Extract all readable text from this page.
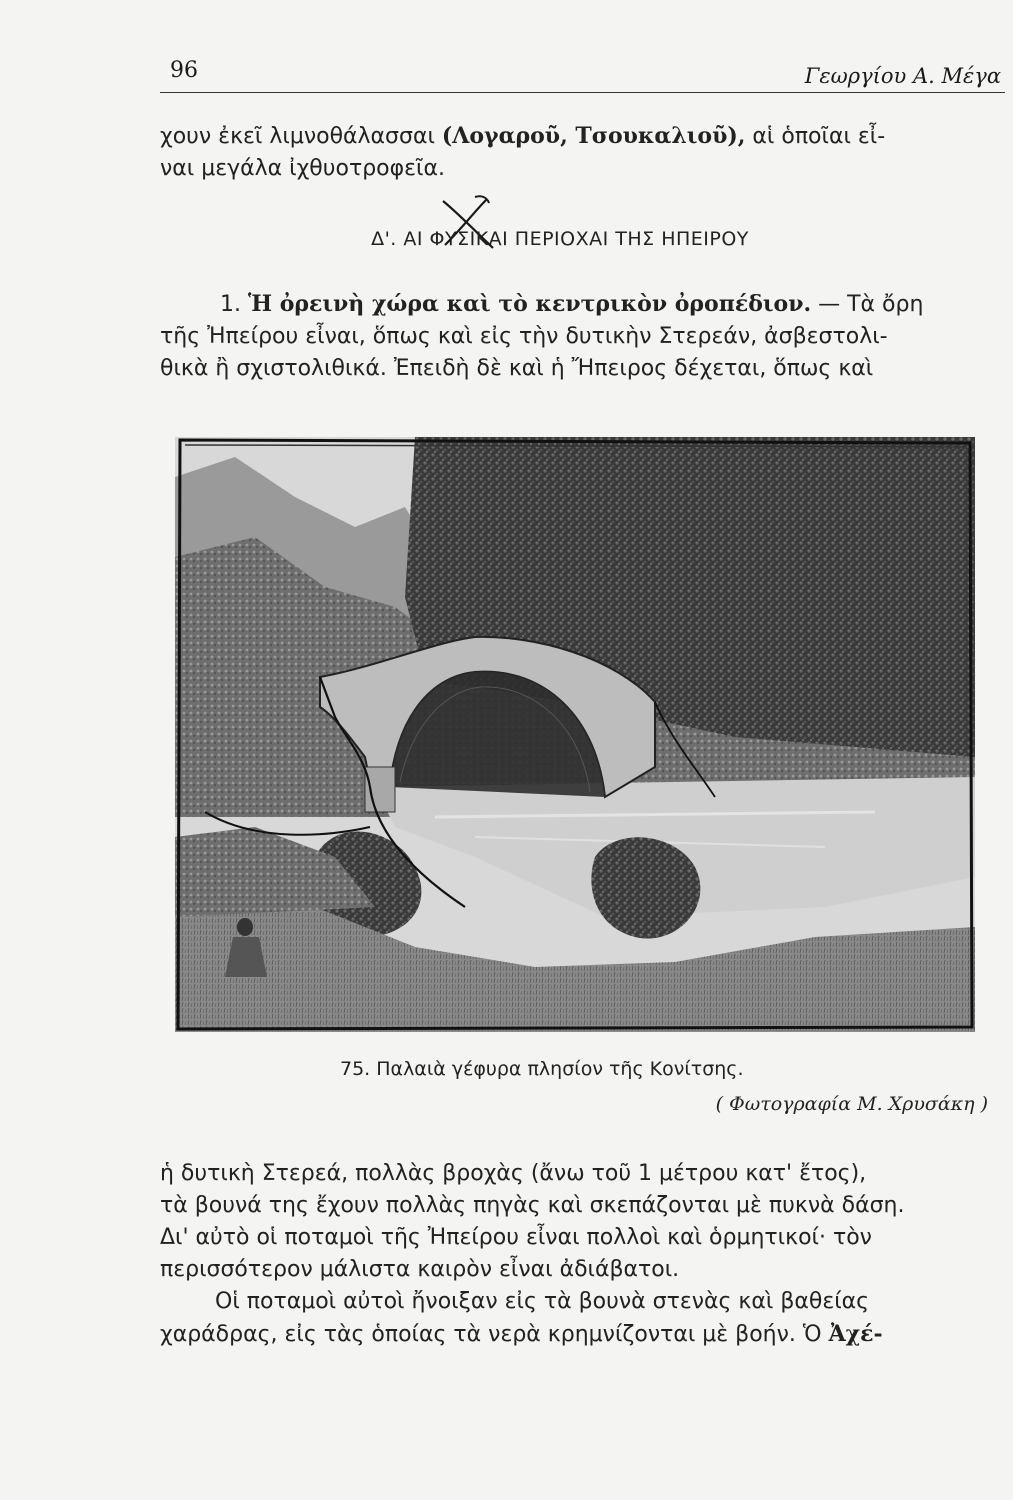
96	Γεωργίου Α. Μέγα
χουν ἐκεῖ λιμνοθάλασσαι (Λογαροῦ, Τσουκαλιοῦ), αἱ ὁποῖαι εἶ-
ναι μεγάλα ἰχθυοτροφεῖα.
Δ'. ΑΙ ΦΥΣΙΚΑΙ ΠΕΡΙΟΧΑΙ ΤΗΣ ΗΠΕΙΡΟΥ
1. Ἡ ὀρεινὴ χώρα καὶ τὸ κεντρικὸν ὀροπέδιον. — Τὰ ὄρη
τῆς Ἠπείρου εἶναι, ὅπως καὶ εἰς τὴν δυτικὴν Στερεάν, ἀσβεστολι-
θικὰ ἢ σχιστολιθικά. Ἐπειδὴ δὲ καὶ ἡ Ἤπειρος δέχεται, ὅπως καὶ
75. Παλαιὰ γέφυρα πλησίον τῆς Κονίτσης.
( Φωτογραφία Μ. Χρυσάκη )
ἡ δυτικὴ Στερεά, πολλὰς βροχὰς (ἄνω τοῦ 1 μέτρου κατ' ἔτος),
τὰ βουνά της ἔχουν πολλὰς πηγὰς καὶ σκεπάζονται μὲ πυκνὰ δάση.
Δι' αὐτὸ οἱ ποταμοὶ τῆς Ἠπείρου εἶναι πολλοὶ καὶ ὁρμητικοί· τὸν
περισσότερον μάλιστα καιρὸν εἶναι ἀδιάβατοι.
Οἱ ποταμοὶ αὐτοὶ ἤνοιξαν εἰς τὰ βουνὰ στενὰς καὶ βαθείας
χαράδρας, εἰς τὰς ὁποίας τὰ νερὰ κρημνίζονται μὲ βοήν. Ὁ Ἀχέ-
